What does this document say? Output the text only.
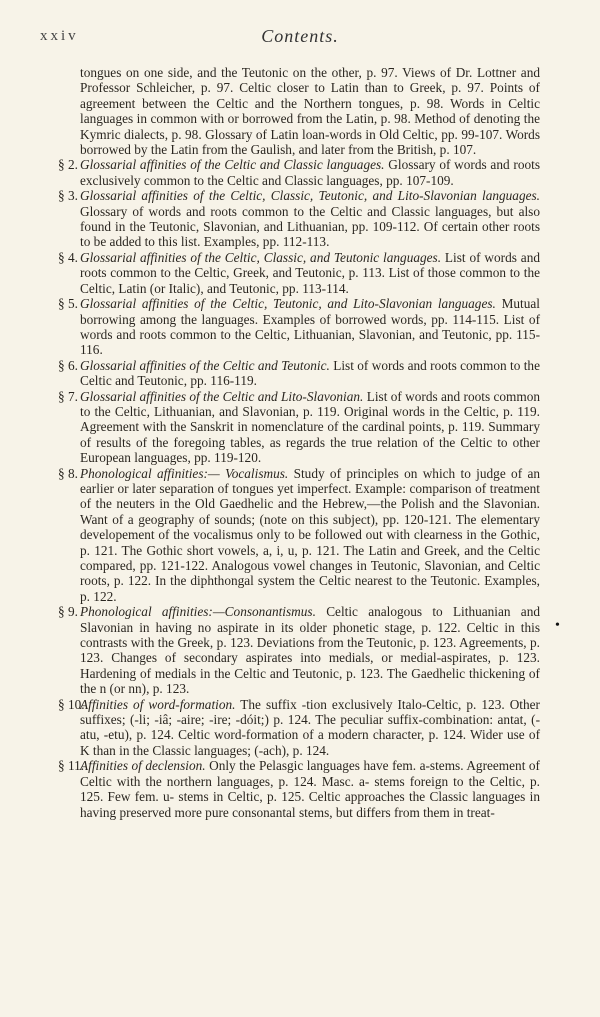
xxiv	Contents.

tongues on one side, and the Teutonic on the other, p. 97. Views of Dr. Lottner and Professor Schleicher, p. 97. Celtic closer to Latin than to Greek, p. 97. Points of agreement between the Celtic and the Northern tongues, p. 98. Words in Celtic languages in common with or borrowed from the Latin, p. 98. Method of denoting the Kymric dialects, p. 98. Glossary of Latin loan-words in Old Celtic, pp. 99-107. Words borrowed by the Latin from the Gaulish, and later from the British, p. 107.

§ 2. Glossarial affinities of the Celtic and Classic languages. Glossary of words and roots exclusively common to the Celtic and Classic languages, pp. 107-109.

§ 3. Glossarial affinities of the Celtic, Classic, Teutonic, and Lito-Slavonian languages. Glossary of words and roots common to the Celtic and Classic languages, but also found in the Teutonic, Slavonian, and Lithuanian, pp. 109-112. Of certain other roots to be added to this list. Examples, pp. 112-113.

§ 4. Glossarial affinities of the Celtic, Classic, and Teutonic languages. List of words and roots common to the Celtic, Greek, and Teutonic, p. 113. List of those common to the Celtic, Latin (or Italic), and Teutonic, pp. 113-114.

§ 5. Glossarial affinities of the Celtic, Teutonic, and Lito-Slavonian languages. Mutual borrowing among the languages. Examples of borrowed words, pp. 114-115. List of words and roots common to the Celtic, Lithuanian, Slavonian, and Teutonic, pp. 115-116.

§ 6. Glossarial affinities of the Celtic and Teutonic. List of words and roots common to the Celtic and Teutonic, pp. 116-119.

§ 7. Glossarial affinities of the Celtic and Lito-Slavonian. List of words and roots common to the Celtic, Lithuanian, and Slavonian, p. 119. Original words in the Celtic, p. 119. Agreement with the Sanskrit in nomenclature of the cardinal points, p. 119. Summary of results of the foregoing tables, as regards the true relation of the Celtic to other European languages, pp. 119-120.

§ 8. Phonological affinities:— Vocalismus. Study of principles on which to judge of an earlier or later separation of tongues yet imperfect. Example: comparison of treatment of the neuters in the Old Gaedhelic and the Hebrew,—the Polish and the Slavonian. Want of a geography of sounds; (note on this subject), pp. 120-121. The elementary developement of the vocalismus only to be followed out with clearness in the Gothic, p. 121. The Gothic short vowels, a, i, u, p. 121. The Latin and Greek, and the Celtic compared, pp. 121-122. Analogous vowel changes in Teutonic, Slavonian, and Celtic roots, p. 122. In the diphthongal system the Celtic nearest to the Teutonic. Examples, p. 122.

§ 9. Phonological affinities:—Consonantismus. Celtic analogous to Lithuanian and Slavonian in having no aspirate in its older phonetic stage, p. 122. Celtic in this contrasts with the Greek, p. 123. Deviations from the Teutonic, p. 123. Agreements, p. 123. Changes of secondary aspirates into medials, or medial-aspirates, p. 123. Hardening of medials in the Celtic and Teutonic, p. 123. The Gaedhelic thickening of the n (or nn), p. 123.

§ 10.
Affinities of word-formation. The suffix -tion exclusively Italo-Celtic, p. 123. Other suffixes; (-li; -iâ; -aire; -ire; -dóit;) p. 124. The peculiar suffix-combination: antat, (-atu, -etu), p. 124. Celtic word-formation of a modern character, p. 124. Wider use of K than in the Classic languages; (-ach), p. 124.

§ 11.
Affinities of declension. Only the Pelasgic languages have fem. a-stems. Agreement of Celtic with the northern languages, p. 124. Masc. a- stems foreign to the Celtic, p. 125. Few fem. u- stems in Celtic, p. 125. Celtic approaches the Classic languages in having preserved more pure consonantal stems, but differs from them in treat-

•
